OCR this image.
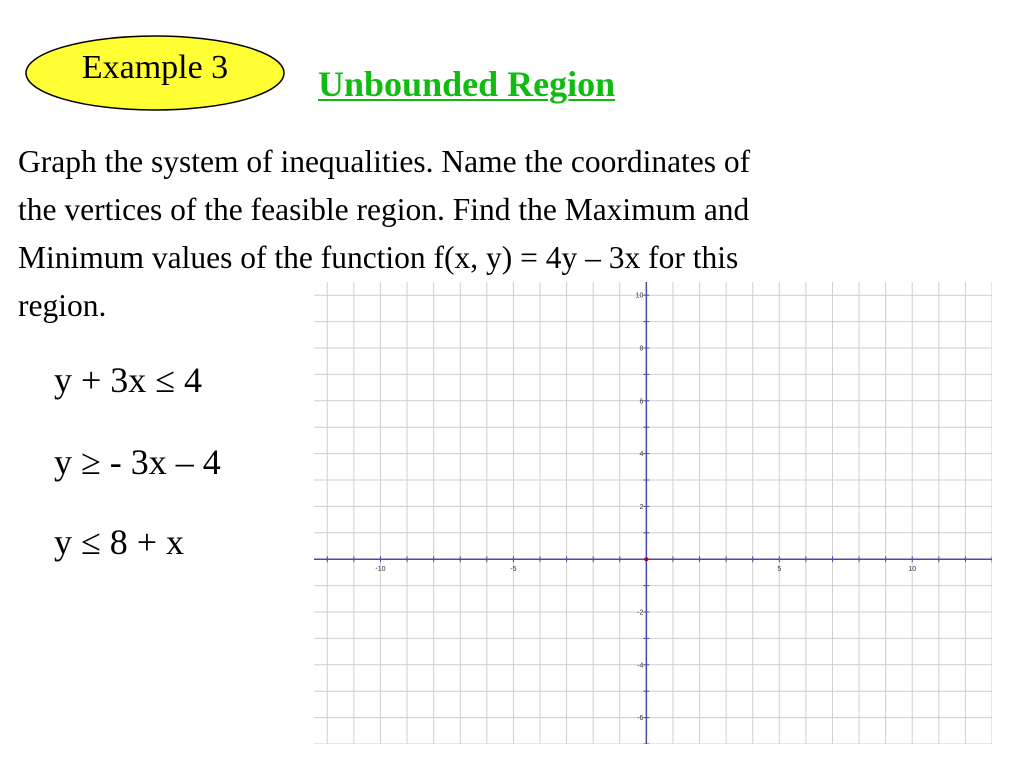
Example 3	Unbounded Region
Graph the system of inequalities. Name the coordinates of
the vertices of the feasible region. Find the Maximum and
Minimum values of the function f(x, y) = 4y – 3x for this
region.
y + 3x ≤ 4
y ≥ - 3x – 4
y ≤ 8 + x
-10	-5	5	10
10
8
6
4
2
-2
-4
-6
